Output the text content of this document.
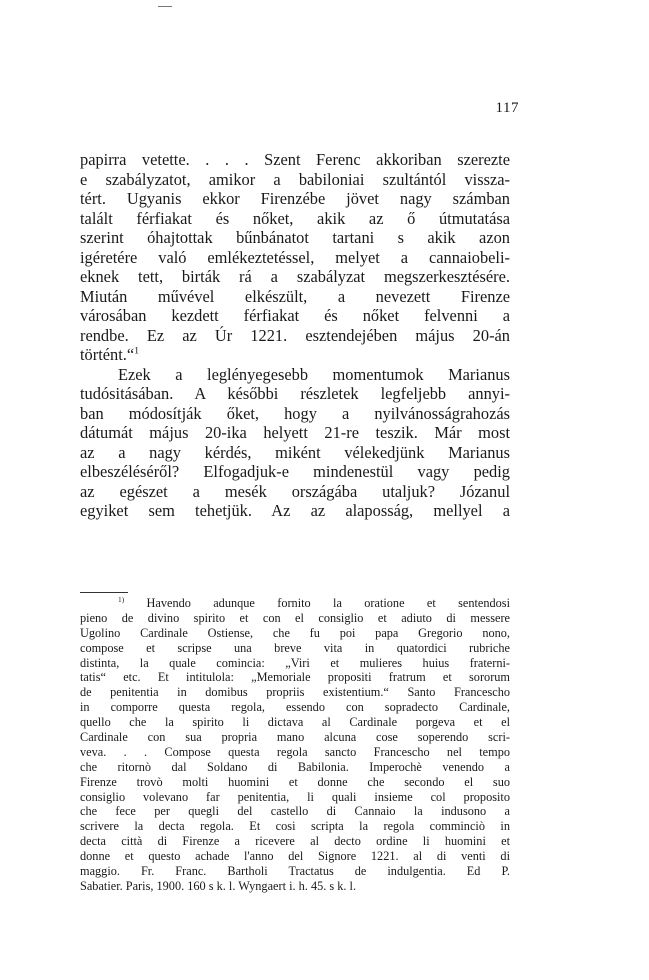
117
papirra vetette. . . . Szent Ferenc akkoriban szerezte
e szabályzatot, amikor a babiloniai szultántól vissza-
tért. Ugyanis ekkor Firenzébe jövet nagy számban
talált férfiakat és nőket, akik az ő útmutatása
szerint óhajtottak bűnbánatot tartani s akik azon
igéretére való emlékeztetéssel, melyet a cannaiobeli-
eknek tett, birták rá a szabályzat megszerkesztésére.
Miután művével elkészült, a nevezett Firenze
városában kezdett férfiakat és nőket felvenni a
rendbe. Ez az Úr 1221. esztendejében május 20-án
történt.“$^1$
Ezek a leglényegesebb momentumok Marianus
tudósitásában. A későbbi részletek legfeljebb annyi-
ban módosítják őket, hogy a nyilvánosságrahozás
dátumát május 20-ika helyett 21-re teszik. Már most
az a nagy kérdés, miként vélekedjünk Marianus
elbeszéléséről? Elfogadjuk-e mindenestül vagy pedig
az egészet a mesék országába utaljuk? Józanul
egyiket sem tehetjük. Az az alaposság, mellyel a
$^{1)}$ Havendo adunque fornito la oratione et sentendosi
pieno de divino spirito et con el consiglio et adiuto di messere
Ugolino Cardinale Ostiense, che fu poi papa Gregorio nono,
compose et scripse una breve vita in quatordici rubriche
distinta, la quale comincia: „Viri et mulieres huius fraterni-
tatis“ etc. Et intitulola: „Memoriale propositi fratrum et sororum
de penitentia in domibus propriis existentium.“ Santo Francescho
in comporre questa regola, essendo con sopradecto Cardinale,
quello che la spirito li dictava al Cardinale porgeva et el
Cardinale con sua propria mano alcuna cose soperendo scri-
veva. . . Compose questa regola sancto Francescho nel tempo
che ritornò dal Soldano di Babilonia. Imperochè venendo a
Firenze trovò molti huomini et donne che secondo el suo
consiglio volevano far penitentia, li quali insieme col proposito
che fece per quegli del castello di Cannaio la indusono a
scrivere la decta regola. Et cosi scripta la regola comminciò in
decta città di Firenze a ricevere al decto ordine li huomini et
donne et questo achade l'anno del Signore 1221. al di venti di
maggio. Fr. Franc. Bartholi Tractatus de indulgentia. Ed P.
Sabatier. Paris, 1900. 160 s k. l. Wyngaert i. h. 45. s k. l.
